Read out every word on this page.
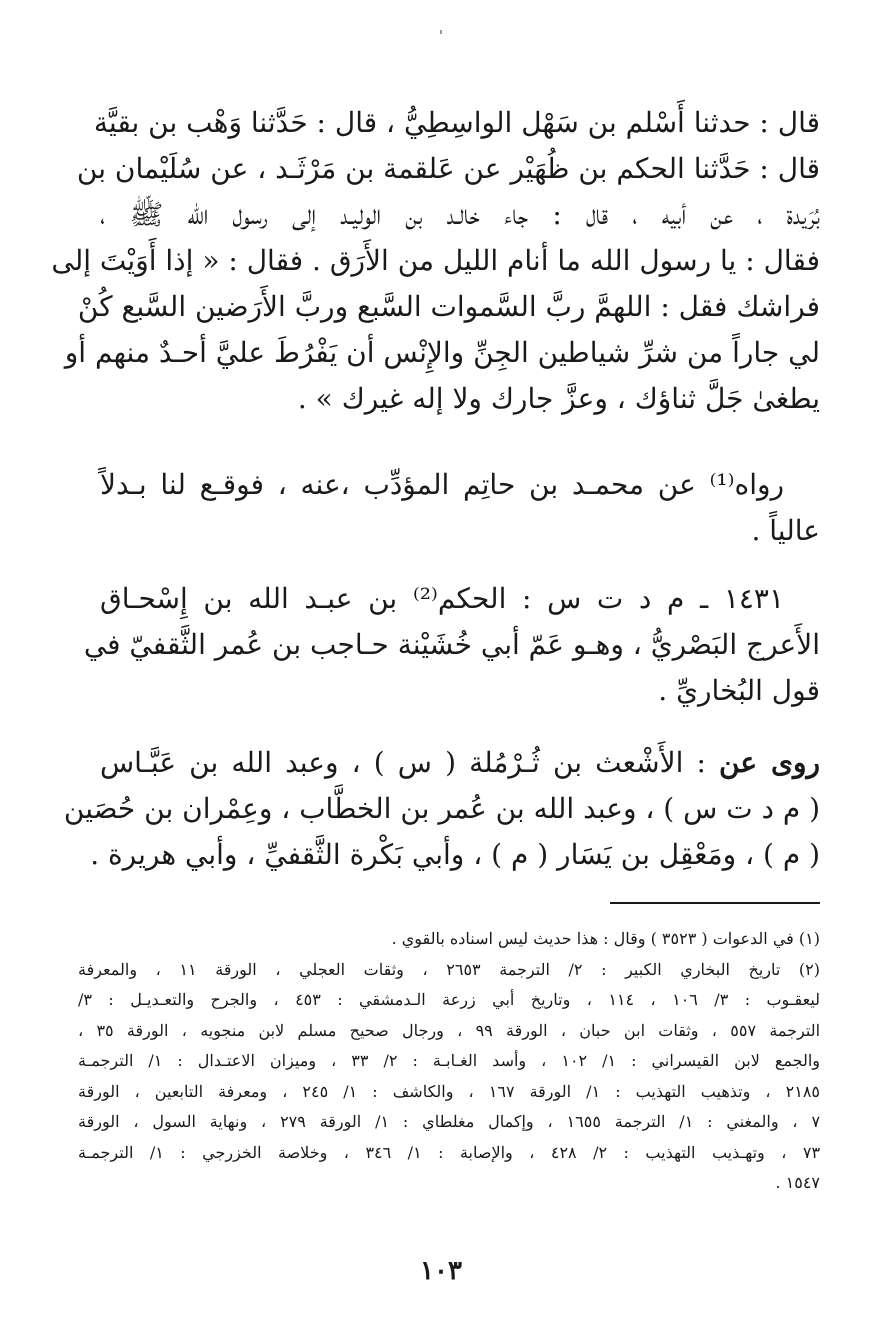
قال : حدثنا أَسْلم بن سَهْل الواسِطِيُّ ، قال : حَدَّثنا وَهْب بن بقيَّة
قال : حَدَّثنا الحكم بن ظُهَيْر عن عَلقمة بن مَرْثَـد ، عن سُلَيْمان بن
بُرَيدة ، عن أبيه ، قال : جاء خالـد بن الوليـد إلى رسول الله ﷺ ،
فقال : يا رسول الله ما أنام الليل من الأَرَق . فقال : « إذا أَوَيْتَ إلى
فراشك فقل : اللهمَّ ربَّ السَّموات السَّبع وربَّ الأَرَضين السَّبع كُنْ
لي جاراً من شرِّ شياطين الجِنِّ والإِنْس أن يَفْرُطَ عليَّ أحـدٌ منهم أو
يطغىٰ جَلَّ ثناؤك ، وعزَّ جارك ولا إله غيرك » .
رواه⁽¹⁾ عن محمـد بن حاتِم المؤدِّب ،عنه ، فوقـع لنا بـدلاً
عالياً .
١٤٣١ ـ م د ت س : الحكم⁽²⁾ بن عبـد الله بن إِسْحـاق
الأَعرج البَصْريُّ ، وهـو عَمّ أبي خُشَيْنة حـاجب بن عُمر الثَّقفيّ في
قول البُخاريِّ .
روى عن : الأَشْعث بن ثُـرْمُلة ( س ) ، وعبد الله بن عَبَّـاس
( م د ت س ) ، وعبد الله بن عُمر بن الخطَّاب ، وعِمْران بن حُصَين
( م ) ، ومَعْقِل بن يَسَار ( م ) ، وأبي بَكْرة الثَّقفيِّ ، وأبي هريرة .
(١) في الدعوات ( ٣٥٢٣ ) وقال : هذا حديث ليس اسناده بالقوي .
(٢) تاريخ البخاري الكبير : ٢/ الترجمة ٢٦٥٣ ، وثقات العجلي ، الورقة ١١ ، والمعرفة
ليعقـوب : ٣/ ١٠٦ ، ١١٤ ، وتاريخ أبي زرعة الـدمشقي : ٤٥٣ ، والجرح والتعـديـل : ٣/
الترجمة ٥٥٧ ، وثقات ابن حبان ، الورقة ٩٩ ، ورجال صحيح مسلم لابن منجويه ، الورقة ٣٥ ،
والجمع لابن القيسراني : ١/ ١٠٢ ، وأسد الغـابـة : ٢/ ٣٣ ، وميزان الاعتـدال : ١/ الترجمـة
٢١٨٥ ، وتذهيب التهذيب : ١/ الورقة ١٦٧ ، والكاشف : ١/ ٢٤٥ ، ومعرفة التابعين ، الورقة
٧ ، والمغني : ١/ الترجمة ١٦٥٥ ، وإكمال مغلطاي : ١/ الورقة ٢٧٩ ، ونهاية السول ، الورقة
٧٣ ، وتهـذيب التهذيب : ٢/ ٤٢٨ ، والإصابة : ١/ ٣٤٦ ، وخلاصة الخزرجي : ١/ الترجمـة
١٥٤٧ .
١٠٣
